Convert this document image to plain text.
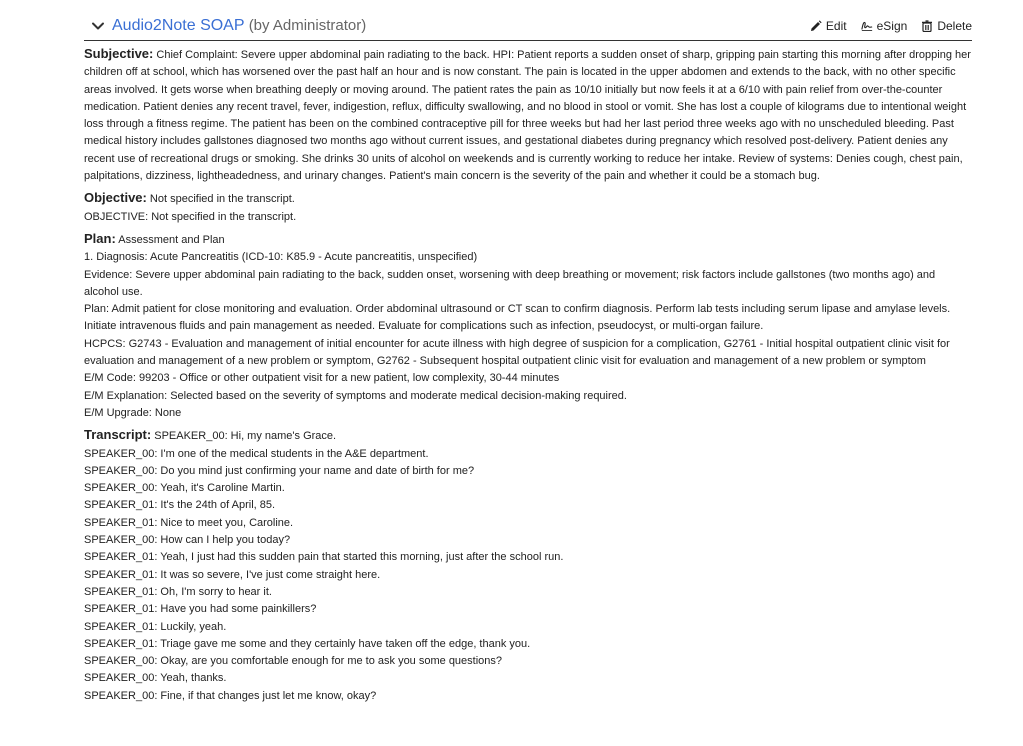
Audio2Note SOAP (by Administrator)	Edit	eSign	Delete
Subjective: Chief Complaint: Severe upper abdominal pain radiating to the back. HPI: Patient reports a sudden onset of sharp, gripping pain starting this morning after dropping her children off at school, which has worsened over the past half an hour and is now constant. The pain is located in the upper abdomen and extends to the back, with no other specific areas involved. It gets worse when breathing deeply or moving around. The patient rates the pain as 10/10 initially but now feels it at a 6/10 with pain relief from over-the-counter medication. Patient denies any recent travel, fever, indigestion, reflux, difficulty swallowing, and no blood in stool or vomit. She has lost a couple of kilograms due to intentional weight loss through a fitness regime. The patient has been on the combined contraceptive pill for three weeks but had her last period three weeks ago with no unscheduled bleeding. Past medical history includes gallstones diagnosed two months ago without current issues, and gestational diabetes during pregnancy which resolved post-delivery. Patient denies any recent use of recreational drugs or smoking. She drinks 30 units of alcohol on weekends and is currently working to reduce her intake. Review of systems: Denies cough, chest pain, palpitations, dizziness, lightheadedness, and urinary changes. Patient's main concern is the severity of the pain and whether it could be a stomach bug.
Objective: Not specified in the transcript.
OBJECTIVE: Not specified in the transcript.
Plan: Assessment and Plan
1. Diagnosis: Acute Pancreatitis (ICD-10: K85.9 - Acute pancreatitis, unspecified)
Evidence: Severe upper abdominal pain radiating to the back, sudden onset, worsening with deep breathing or movement; risk factors include gallstones (two months ago) and alcohol use.
Plan: Admit patient for close monitoring and evaluation. Order abdominal ultrasound or CT scan to confirm diagnosis. Perform lab tests including serum lipase and amylase levels. Initiate intravenous fluids and pain management as needed. Evaluate for complications such as infection, pseudocyst, or multi-organ failure.
HCPCS: G2743 - Evaluation and management of initial encounter for acute illness with high degree of suspicion for a complication, G2761 - Initial hospital outpatient clinic visit for evaluation and management of a new problem or symptom, G2762 - Subsequent hospital outpatient clinic visit for evaluation and management of a new problem or symptom
E/M Code: 99203 - Office or other outpatient visit for a new patient, low complexity, 30-44 minutes
E/M Explanation: Selected based on the severity of symptoms and moderate medical decision-making required.
E/M Upgrade: None
Transcript: SPEAKER_00: Hi, my name's Grace.
SPEAKER_00: I'm one of the medical students in the A&E department.
SPEAKER_00: Do you mind just confirming your name and date of birth for me?
SPEAKER_00: Yeah, it's Caroline Martin.
SPEAKER_01: It's the 24th of April, 85.
SPEAKER_01: Nice to meet you, Caroline.
SPEAKER_00: How can I help you today?
SPEAKER_01: Yeah, I just had this sudden pain that started this morning, just after the school run.
SPEAKER_01: It was so severe, I've just come straight here.
SPEAKER_01: Oh, I'm sorry to hear it.
SPEAKER_01: Have you had some painkillers?
SPEAKER_01: Luckily, yeah.
SPEAKER_01: Triage gave me some and they certainly have taken off the edge, thank you.
SPEAKER_00: Okay, are you comfortable enough for me to ask you some questions?
SPEAKER_00: Yeah, thanks.
SPEAKER_00: Fine, if that changes just let me know, okay?
